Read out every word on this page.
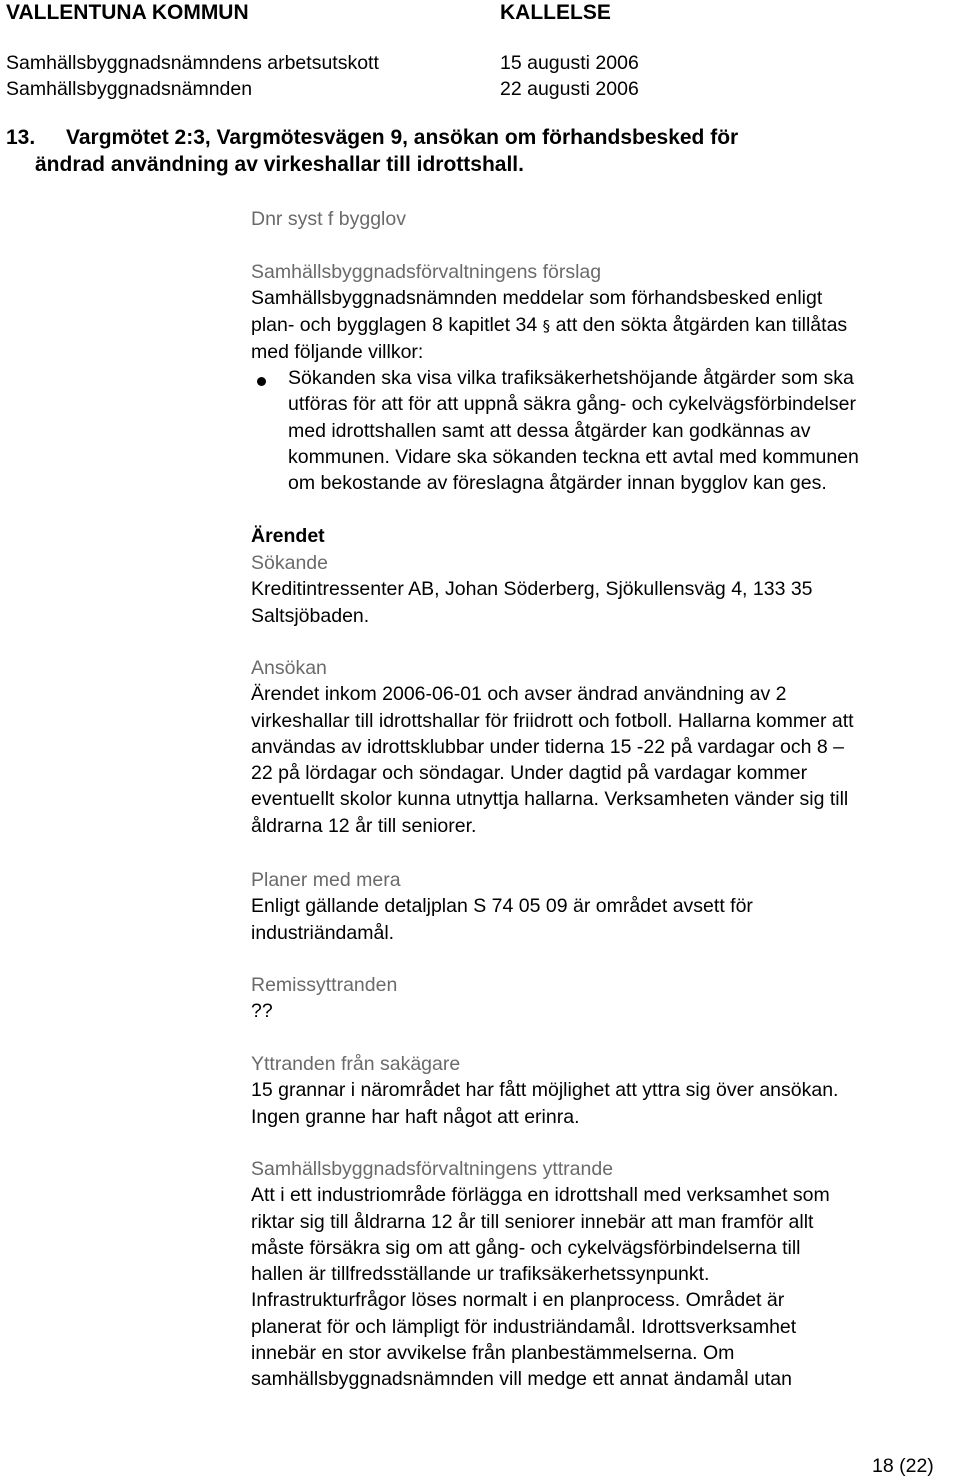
VALLENTUNA KOMMUN	KALLELSE
Samhällsbyggnadsnämndens arbetsutskott	15 augusti 2006
Samhällsbyggnadsnämnden	22 augusti 2006
13. Vargmötet 2:3, Vargmötesvägen 9, ansökan om förhandsbesked för
ändrad användning av virkeshallar till idrottshall.
Dnr syst f bygglov
Samhällsbyggnadsförvaltningens förslag
Samhällsbyggnadsnämnden meddelar som förhandsbesked enligt
plan- och bygglagen 8 kapitlet 34 § att den sökta åtgärden kan tillåtas
med följande villkor:
Sökanden ska visa vilka trafiksäkerhetshöjande åtgärder som ska
utföras för att för att uppnå säkra gång- och cykelvägsförbindelser
med idrottshallen samt att dessa åtgärder kan godkännas av
kommunen. Vidare ska sökanden teckna ett avtal med kommunen
om bekostande av föreslagna åtgärder innan bygglov kan ges.
Ärendet
Sökande
Kreditintressenter AB, Johan Söderberg, Sjökullensväg 4, 133 35
Saltsjöbaden.
Ansökan
Ärendet inkom 2006-06-01 och avser ändrad användning av 2
virkeshallar till idrottshallar för friidrott och fotboll. Hallarna kommer att
användas av idrottsklubbar under tiderna 15 -22 på vardagar och 8 –
22 på lördagar och söndagar. Under dagtid på vardagar kommer
eventuellt skolor kunna utnyttja hallarna. Verksamheten vänder sig till
åldrarna 12 år till seniorer.
Planer med mera
Enligt gällande detaljplan S 74 05 09 är området avsett för
industriändamål.
Remissyttranden
??
Yttranden från sakägare
15 grannar i närområdet har fått möjlighet att yttra sig över ansökan.
Ingen granne har haft något att erinra.
Samhällsbyggnadsförvaltningens yttrande
Att i ett industriområde förlägga en idrottshall med verksamhet som
riktar sig till åldrarna 12 år till seniorer innebär att man framför allt
måste försäkra sig om att gång- och cykelvägsförbindelserna till
hallen är tillfredsställande ur trafiksäkerhetssynpunkt.
Infrastrukturfrågor löses normalt i en planprocess. Området är
planerat för och lämpligt för industriändamål. Idrottsverksamhet
innebär en stor avvikelse från planbestämmelserna. Om
samhällsbyggnadsnämnden vill medge ett annat ändamål utan
18 (22)
